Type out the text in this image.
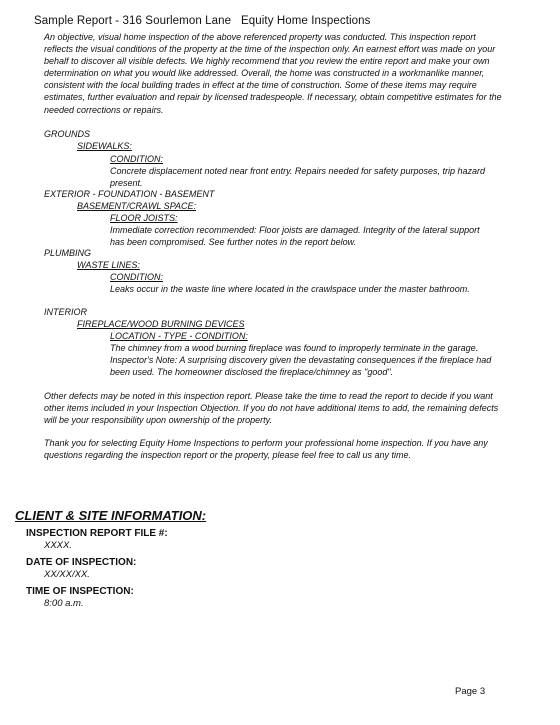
Sample Report - 316 Sourlemon Lane   Equity Home Inspections
An objective, visual home inspection of the above referenced property was conducted. This inspection report reflects the visual conditions of the property at the time of the inspection only. An earnest effort was made on your behalf to discover all visible defects. We highly recommend that you review the entire report and make your own determination on what you would like addressed. Overall, the home was constructed in a workmanlike manner, consistent with the local building trades in effect at the time of construction. Some of these items may require estimates, further evaluation and repair by licensed tradespeople. If necessary, obtain competitive estimates for the needed corrections or repairs.
GROUNDS
SIDEWALKS:
CONDITION:
Concrete displacement noted near front entry. Repairs needed for safety purposes, trip hazard present.
EXTERIOR - FOUNDATION - BASEMENT
BASEMENT/CRAWL SPACE:
FLOOR JOISTS:
Immediate correction recommended: Floor joists are damaged. Integrity of the lateral support has been compromised. See further notes in the report below.
PLUMBING
WASTE LINES:
CONDITION:
Leaks occur in the waste line where located in the crawlspace under the master bathroom.
INTERIOR
FIREPLACE/WOOD BURNING DEVICES
LOCATION - TYPE - CONDITION:
The chimney from a wood burning fireplace was found to improperly terminate in the garage. Inspector's Note: A surprising discovery given the devastating consequences if the fireplace had been used. The homeowner disclosed the fireplace/chimney as "good".
Other defects may be noted in this inspection report. Please take the time to read the report to decide if you want other items included in your Inspection Objection. If you do not have additional items to add, the remaining defects will be your responsibility upon ownership of the property.
Thank you for selecting Equity Home Inspections to perform your professional home inspection. If you have any questions regarding the inspection report or the property, please feel free to call us any time.
CLIENT & SITE INFORMATION:
INSPECTION REPORT FILE #:
XXXX.
DATE OF INSPECTION:
XX/XX/XX.
TIME OF INSPECTION:
8:00 a.m.
Page 3
